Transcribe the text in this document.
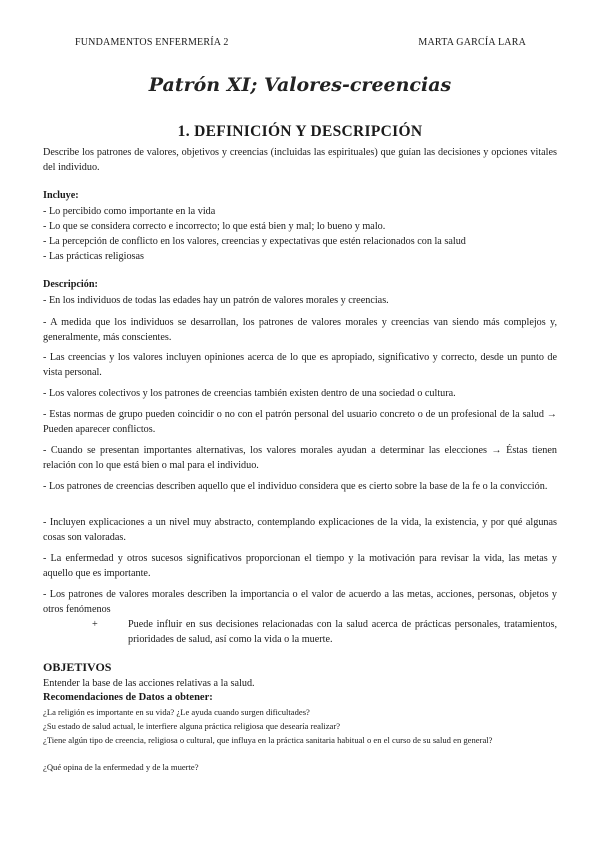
FUNDAMENTOS ENFERMERÍA 2	MARTA GARCÍA LARA
Patrón XI; Valores-creencias
1. DEFINICIÓN Y DESCRIPCIÓN
Describe los patrones de valores, objetivos y creencias (incluidas las espirituales) que guían las decisiones y opciones vitales del individuo.
Incluye:
- Lo percibido como importante en la vida
- Lo que se considera correcto e incorrecto; lo que está bien y mal; lo bueno y malo.
- La percepción de conflicto en los valores, creencias y expectativas que estén relacionados con la salud
- Las prácticas religiosas
Descripción:
- En los individuos de todas las edades hay un patrón de valores morales y creencias.
- A medida que los individuos se desarrollan, los patrones de valores morales y creencias van siendo más complejos y, generalmente, más conscientes.
- Las creencias y los valores incluyen opiniones acerca de lo que es apropiado, significativo y correcto, desde un punto de vista personal.
- Los valores colectivos y los patrones de creencias también existen dentro de una sociedad o cultura.
- Estas normas de grupo pueden coincidir o no con el patrón personal del usuario concreto o de un profesional de la salud → Pueden aparecer conflictos.
- Cuando se presentan importantes alternativas, los valores morales ayudan a determinar las elecciones → Éstas tienen relación con lo que está bien o mal para el individuo.
- Los patrones de creencias describen aquello que el individuo considera que es cierto sobre la base de la fe o la convicción.
- Incluyen explicaciones a un nivel muy abstracto, contemplando explicaciones de la vida, la existencia, y por qué algunas cosas son valoradas.
- La enfermedad y otros sucesos significativos proporcionan el tiempo y la motivación para revisar la vida, las metas y aquello que es importante.
- Los patrones de valores morales describen la importancia o el valor de acuerdo a las metas, acciones, personas, objetos y otros fenómenos
+	Puede influir en sus decisiones relacionadas con la salud acerca de prácticas personales, tratamientos, prioridades de salud, así como la vida o la muerte.
OBJETIVOS
Entender la base de las acciones relativas a la salud.
Recomendaciones de Datos a obtener:
¿La religión es importante en su vida? ¿Le ayuda cuando surgen dificultades?
¿Su estado de salud actual, le interfiere alguna práctica religiosa que desearía realizar?
¿Tiene algún tipo de creencia, religiosa o cultural, que influya en la práctica sanitaria habitual o en el curso de su salud en general?
¿Qué opina de la enfermedad y de la muerte?
